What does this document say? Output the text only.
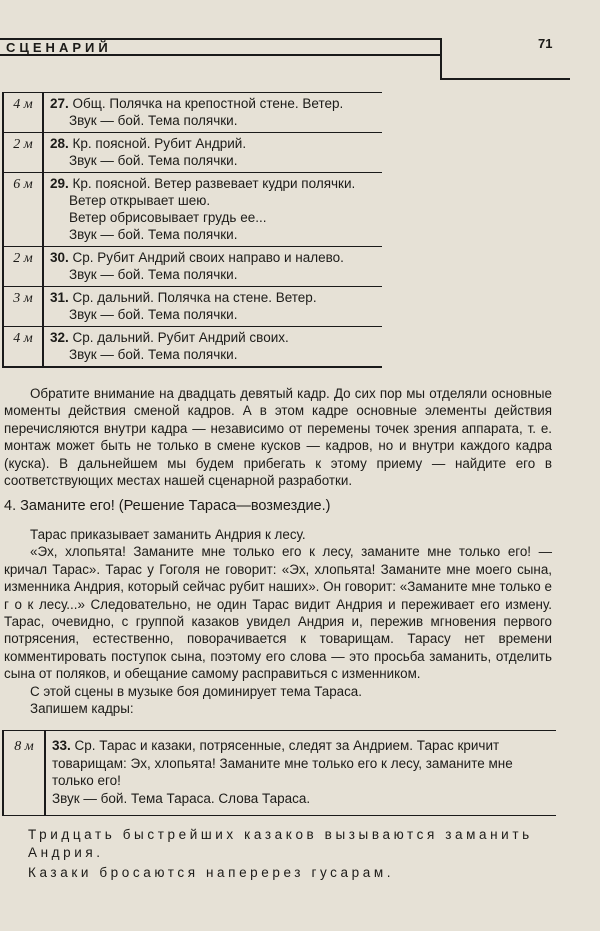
СЦЕНАРИЙ	71
4 м	27. Общ. Полячка на крепостной стене. Ветер.
Звук — бой. Тема полячки.
2 м	28. Кр. поясной. Рубит Андрий.
Звук — бой. Тема полячки.
6 м	29. Кр. поясной. Ветер развевает кудри полячки.
Ветер открывает шею.
Ветер обрисовывает грудь ее...
Звук — бой. Тема полячки.
2 м	30. Ср. Рубит Андрий своих направо и налево.
Звук — бой. Тема полячки.
3 м	31. Ср. дальний. Полячка на стене. Ветер.
Звук — бой. Тема полячки.
4 м	32. Ср. дальний. Рубит Андрий своих.
Звук — бой. Тема полячки.

Обратите внимание на двадцать девятый кадр. До сих пор мы отделяли основные моменты действия сменой кадров. А в этом кадре основные элементы действия перечисляются внутри кадра — независимо от перемены точек зрения аппарата, т. е. монтаж может быть не только в смене кусков — кадров, но и внутри каждого кадра (куска). В дальнейшем мы будем прибегать к этому приему — найдите его в соответствующих местах нашей сценарной разработки.

4. Заманите его! (Решение Тараса—возмездие.)

Тарас приказывает заманить Андрия к лесу.

«Эх, хлопьята! Заманите мне только его к лесу, заманите мне только его! — кричал Тарас». Тарас у Гоголя не говорит: «Эх, хлопьята! Заманите мне моего сына, изменника Андрия, который сейчас рубит наших». Он говорит: «Заманите мне только е г о к лесу...» Следовательно, не один Тарас видит Андрия и переживает его измену. Тарас, очевидно, с группой казаков увидел Андрия и, пережив мгновения первого потрясения, естественно, поворачивается к товарищам. Тарасу нет времени комментировать поступок сына, поэтому его слова — это просьба заманить, отделить сына от поляков, и обещание самому расправиться с изменником.

С этой сцены в музыке боя доминирует тема Тараса.

Запишем кадры:

8 м	33. Ср. Тарас и казаки, потрясенные, следят за Андрием. Тарас кричит товарищам: Эх, хлопьята! Заманите мне только его к лесу, заманите мне только его!
Звук — бой. Тема Тараса. Слова Тараса.
Тридцать быстрейших казаков вызываются заманить Андрия.
Казаки бросаются наперерез гусарам.
